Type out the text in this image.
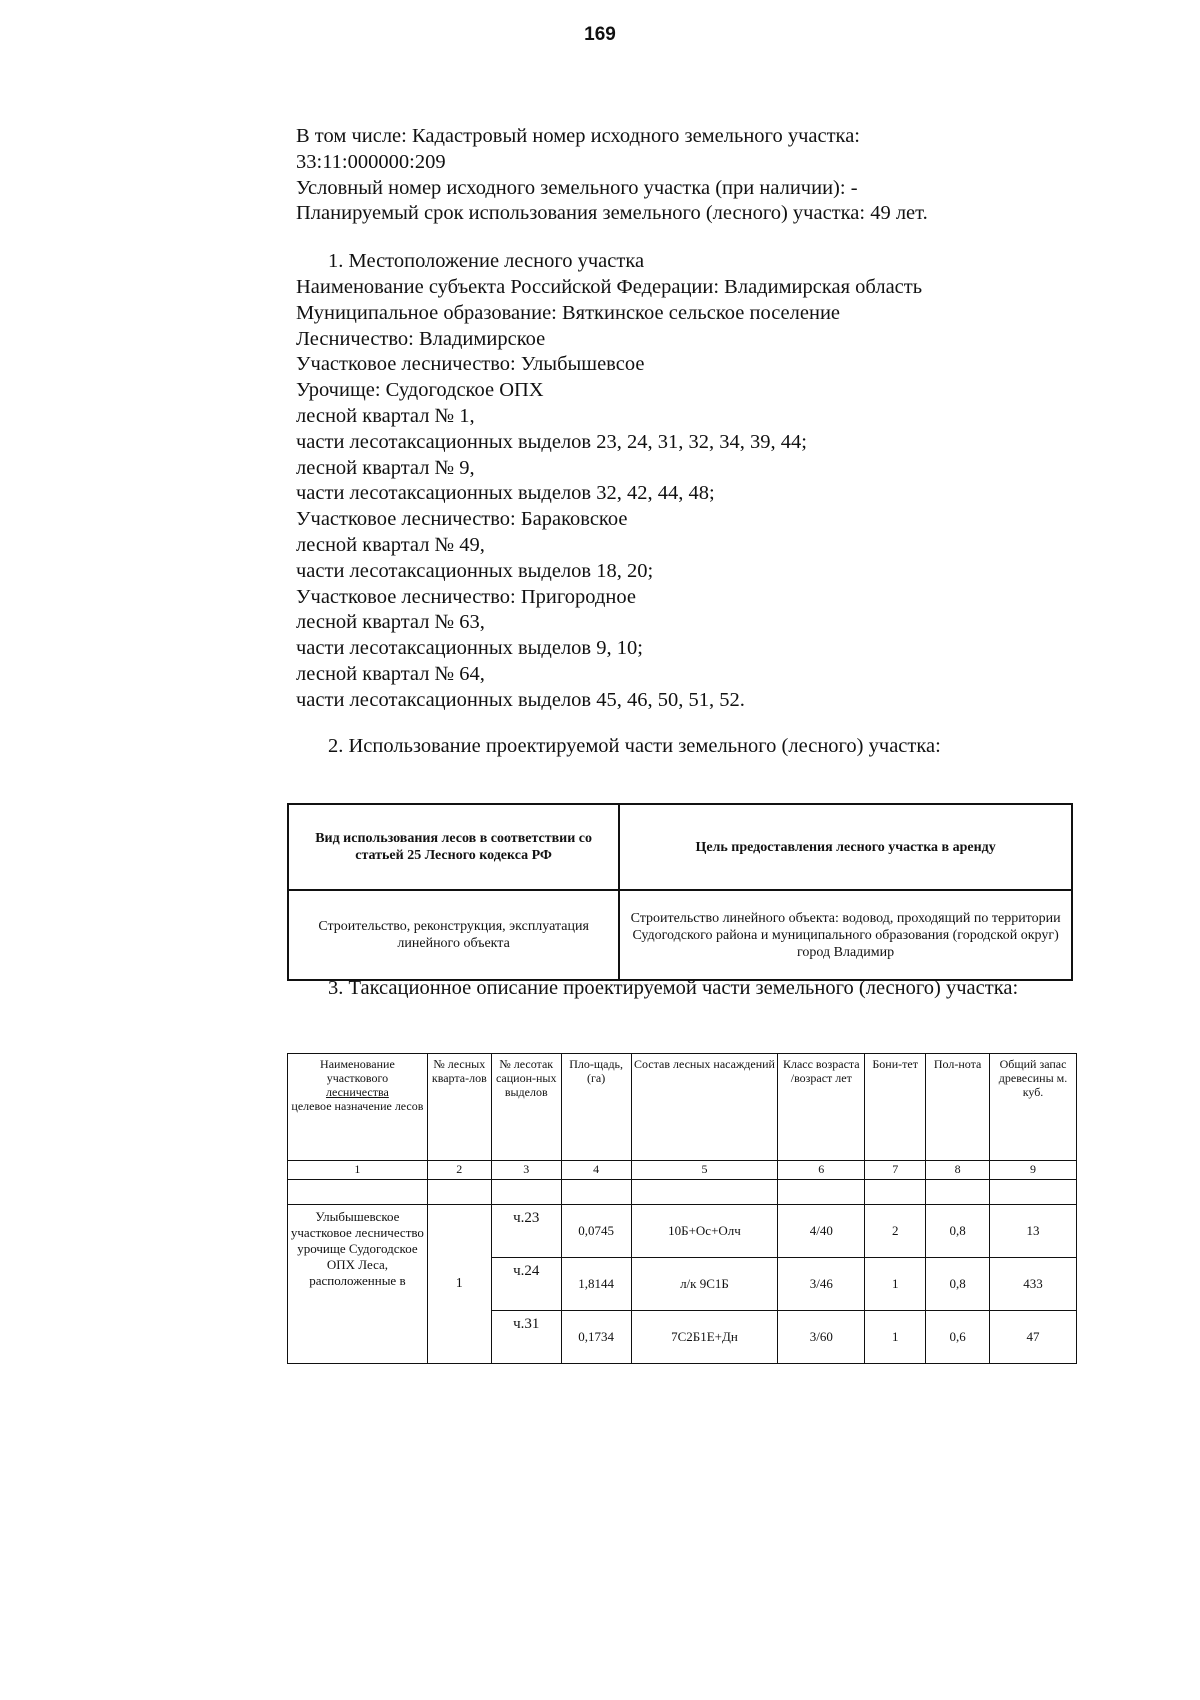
169
В том числе: Кадастровый номер исходного земельного участка:
33:11:000000:209
Условный номер исходного земельного участка (при наличии): -
Планируемый срок использования земельного (лесного) участка: 49 лет.
1. Местоположение лесного участка
Наименование субъекта Российской Федерации: Владимирская область
Муниципальное образование: Вяткинское сельское поселение
Лесничество: Владимирское
Участковое лесничество: Улыбышевсое
Урочище: Судогодское ОПХ
лесной квартал № 1,
части лесотаксационных выделов 23, 24, 31, 32, 34, 39, 44;
лесной квартал № 9,
части лесотаксационных выделов 32, 42, 44, 48;
Участковое лесничество: Бараковское
лесной квартал № 49,
части лесотаксационных выделов 18, 20;
Участковое лесничество: Пригородное
лесной квартал № 63,
части лесотаксационных выделов 9, 10;
лесной квартал № 64,
части лесотаксационных выделов 45, 46, 50, 51, 52.
2. Использование проектируемой части земельного (лесного) участка:
Вид использования лесов в соответствии со статьей 25 Лесного кодекса РФ	Цель предоставления лесного участка в аренду
Строительство, реконструкция, эксплуатация линейного объекта	Строительство линейного объекта: водовод, проходящий по территории Судогодского района и муниципального образования (городской округ) город Владимир
3. Таксационное описание проектируемой части земельного (лесного) участка:
Наименование участкового
лесничества
целевое назначение лесов	№ лесных кварта-лов	№ лесотак сацион-ных выделов	Пло-щадь, (га)	Состав лесных насаждений	Класс возраста /возраст лет	Бони-тет	Пол-нота	Общий запас древесины м. куб.
1	2	3	4	5	6	7	8	9

Улыбышевское участковое лесничество урочище Судогодское ОПХ Леса, расположенные в	1	ч.23	0,0745	10Б+Ос+Олч	4/40	2	0,8	13
		ч.24	1,8144	л/к 9С1Б	3/46	1	0,8	433
		ч.31	0,1734	7С2Б1Е+Дн	3/60	1	0,6	47
